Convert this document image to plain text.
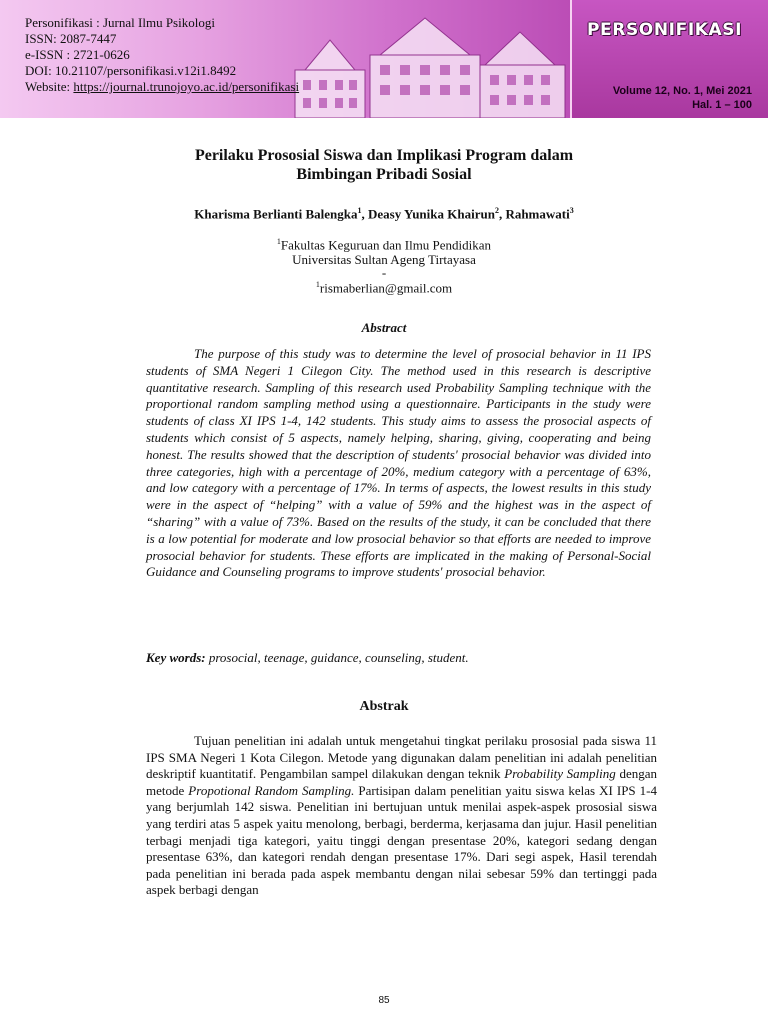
PERSONIFIKASI
Volume 12, No. 1, Mei 2021
Hal. 1 – 100
Personifikasi : Jurnal Ilmu Psikologi
ISSN: 2087-7447
e-ISSN : 2721-0626
DOI: 10.21107/personifikasi.v12i1.8492
Website: https://journal.trunojoyo.ac.id/personifikasi
Perilaku Prososial Siswa dan Implikasi Program dalam
Bimbingan Pribadi Sosial
Kharisma Berlianti Balengka$^1$, Deasy Yunika Khairun$^2$, Rahmawati$^3$
$^1$Fakultas Keguruan dan Ilmu Pendidikan
Universitas Sultan Ageng Tirtayasa
-
$^1$risma​berlian@gmail.com
Abstract

The purpose of this study was to determine the level of prosocial behavior in 11 IPS students of SMA Negeri 1 Cilegon City. The method used in this research is descriptive quantitative research. Sampling of this research used Probability Sampling technique with the proportional random sampling method using a questionnaire. Participants in the study were students of class XI IPS 1-4, 142 students. This study aims to assess the prosocial aspects of students which consist of 5 aspects, namely helping, sharing, giving, cooperating and being honest. The results showed that the description of students' prosocial behavior was divided into three categories, high with a percentage of 20%, medium category with a percentage of 63%, and low category with a percentage of 17%. In terms of aspects, the lowest results in this study were in the aspect of “helping” with a value of 59% and the highest was in the aspect of “sharing” with a value of 73%. Based on the results of the study, it can be concluded that there is a low potential for moderate and low prosocial behavior so that efforts are needed to improve prosocial behavior for students. These efforts are implicated in the making of Personal-Social Guidance and Counseling programs to improve students' prosocial behavior.

Key words: prosocial, teenage, guidance, counseling, student.
Abstrak

Tujuan penelitian ini adalah untuk mengetahui tingkat perilaku prososial pada siswa 11 IPS SMA Negeri 1 Kota Cilegon. Metode yang digunakan dalam penelitian ini adalah penelitian deskriptif kuantitatif. Pengambilan sampel dilakukan dengan teknik Probability Sampling dengan metode Propotional Random Sampling. Partisipan dalam penelitian yaitu siswa kelas XI IPS 1-4 yang berjumlah 142 siswa. Penelitian ini bertujuan untuk menilai aspek-aspek prososial siswa yang terdiri atas 5 aspek yaitu menolong, berbagi, berderma, kerjasama dan jujur. Hasil penelitian terbagi menjadi tiga kategori, yaitu tinggi dengan presentase 20%, kategori sedang dengan presentase 63%, dan kategori rendah dengan presentase 17%. Dari segi aspek, Hasil terendah pada penelitian ini berada pada aspek membantu dengan nilai sebesar 59% dan tertinggi pada aspek berbagi dengan

85
